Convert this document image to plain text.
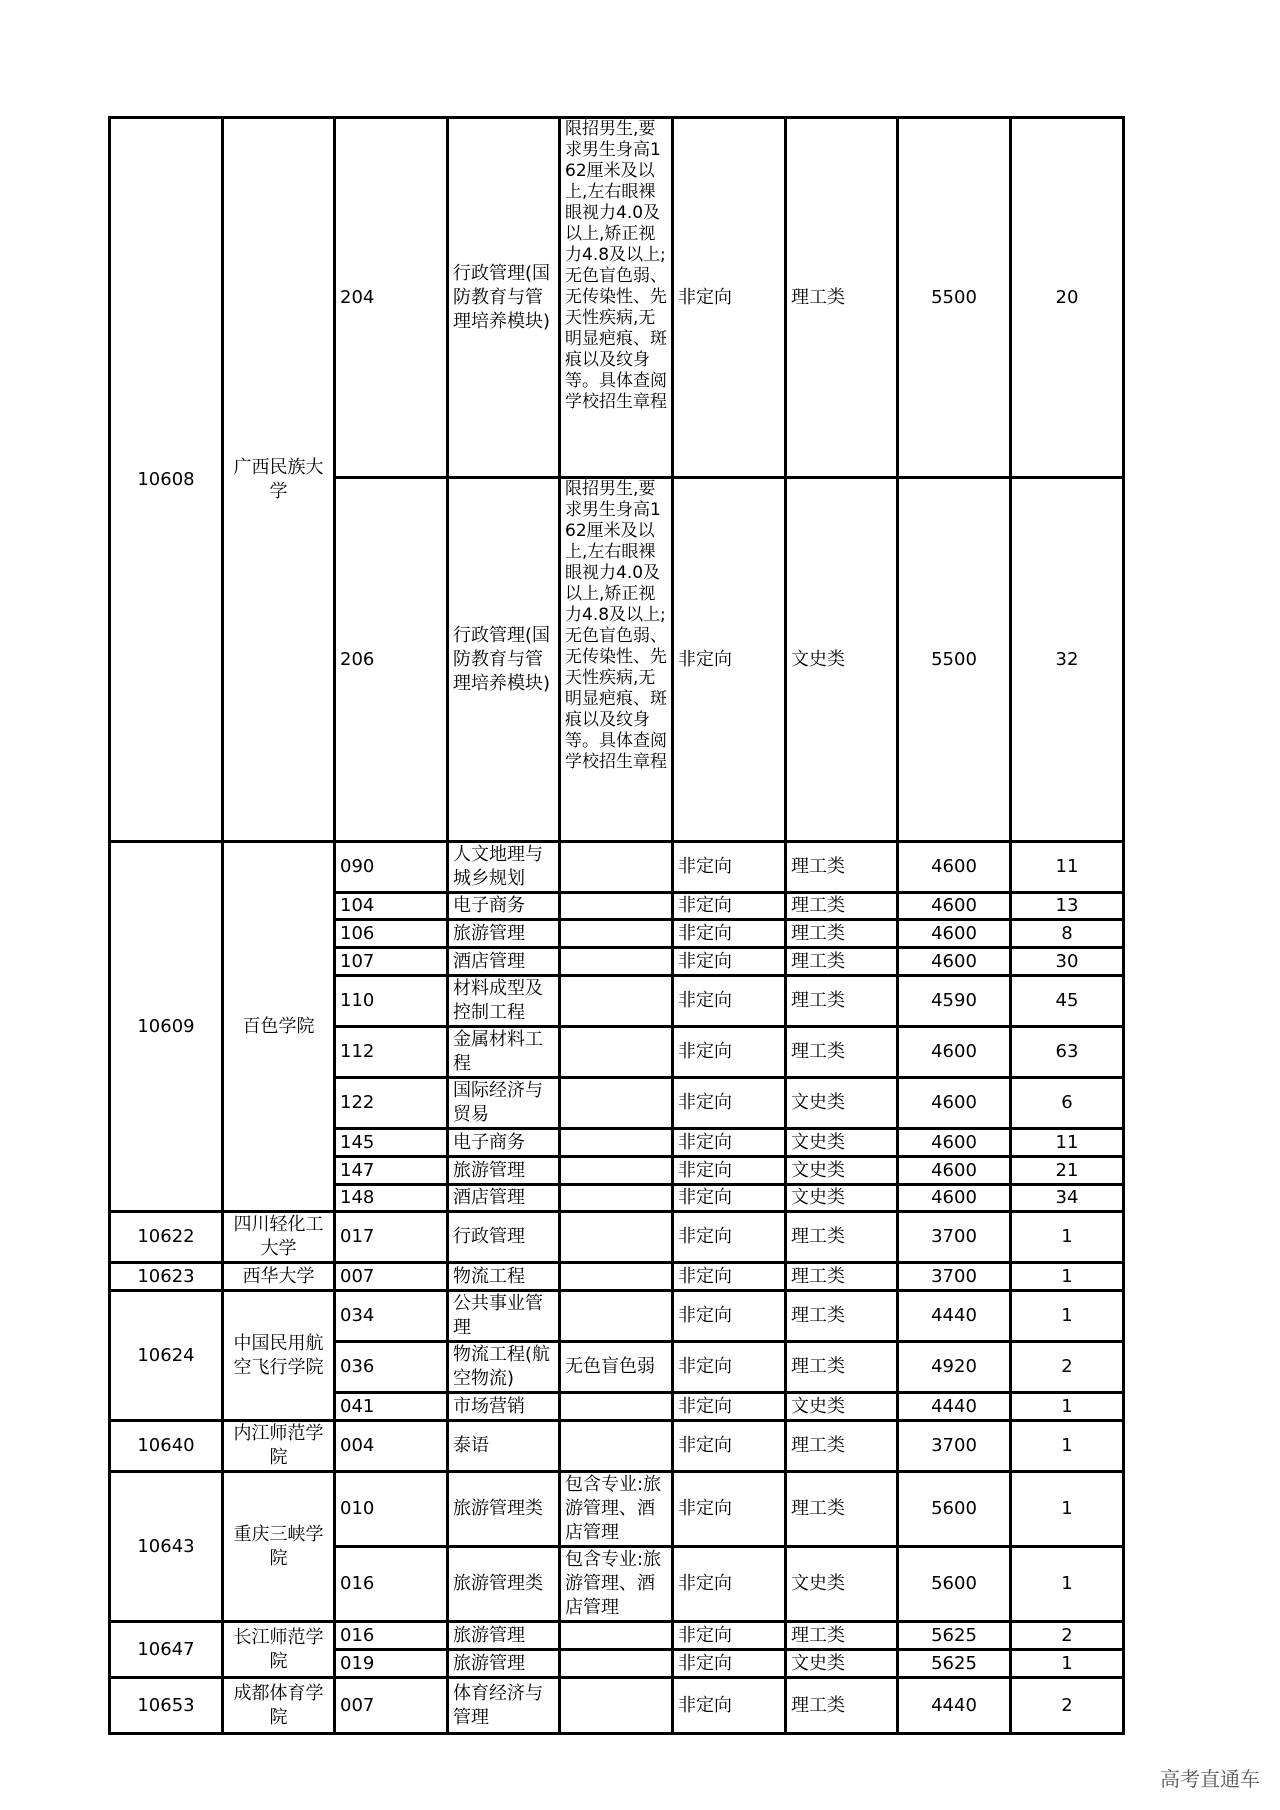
10608	广西民族大学	204	行政管理(国防教育与管理培养模块)	限招男生,要求男生身高162厘米及以上,左右眼裸眼视力4.0及以上,矫正视力4.8及以上;无色盲色弱、无传染性、先天性疾病,无明显疤痕、斑痕以及纹身等。具体查阅学校招生章程	非定向	理工类	5500	20
		206	行政管理(国防教育与管理培养模块)	限招男生,要求男生身高162厘米及以上,左右眼裸眼视力4.0及以上,矫正视力4.8及以上;无色盲色弱、无传染性、先天性疾病,无明显疤痕、斑痕以及纹身等。具体查阅学校招生章程	非定向	文史类	5500	32
10609	百色学院	090	人文地理与城乡规划		非定向	理工类	4600	11
		104	电子商务		非定向	理工类	4600	13
		106	旅游管理		非定向	理工类	4600	8
		107	酒店管理		非定向	理工类	4600	30
		110	材料成型及控制工程		非定向	理工类	4590	45
		112	金属材料工程		非定向	理工类	4600	63
		122	国际经济与贸易		非定向	文史类	4600	6
		145	电子商务		非定向	文史类	4600	11
		147	旅游管理		非定向	文史类	4600	21
		148	酒店管理		非定向	文史类	4600	34
10622	四川轻化工大学	017	行政管理		非定向	理工类	3700	1
10623	西华大学	007	物流工程		非定向	理工类	3700	1
10624	中国民用航空飞行学院	034	公共事业管理		非定向	理工类	4440	1
		036	物流工程(航空物流)	无色盲色弱	非定向	理工类	4920	2
		041	市场营销		非定向	文史类	4440	1
10640	内江师范学院	004	泰语		非定向	理工类	3700	1
10643	重庆三峡学院	010	旅游管理类	包含专业:旅游管理、酒店管理	非定向	理工类	5600	1
		016	旅游管理类	包含专业:旅游管理、酒店管理	非定向	文史类	5600	1
10647	长江师范学院	016	旅游管理		非定向	理工类	5625	2
		019	旅游管理		非定向	文史类	5625	1
10653	成都体育学院	007	体育经济与管理		非定向	理工类	4440	2
高考直通车
